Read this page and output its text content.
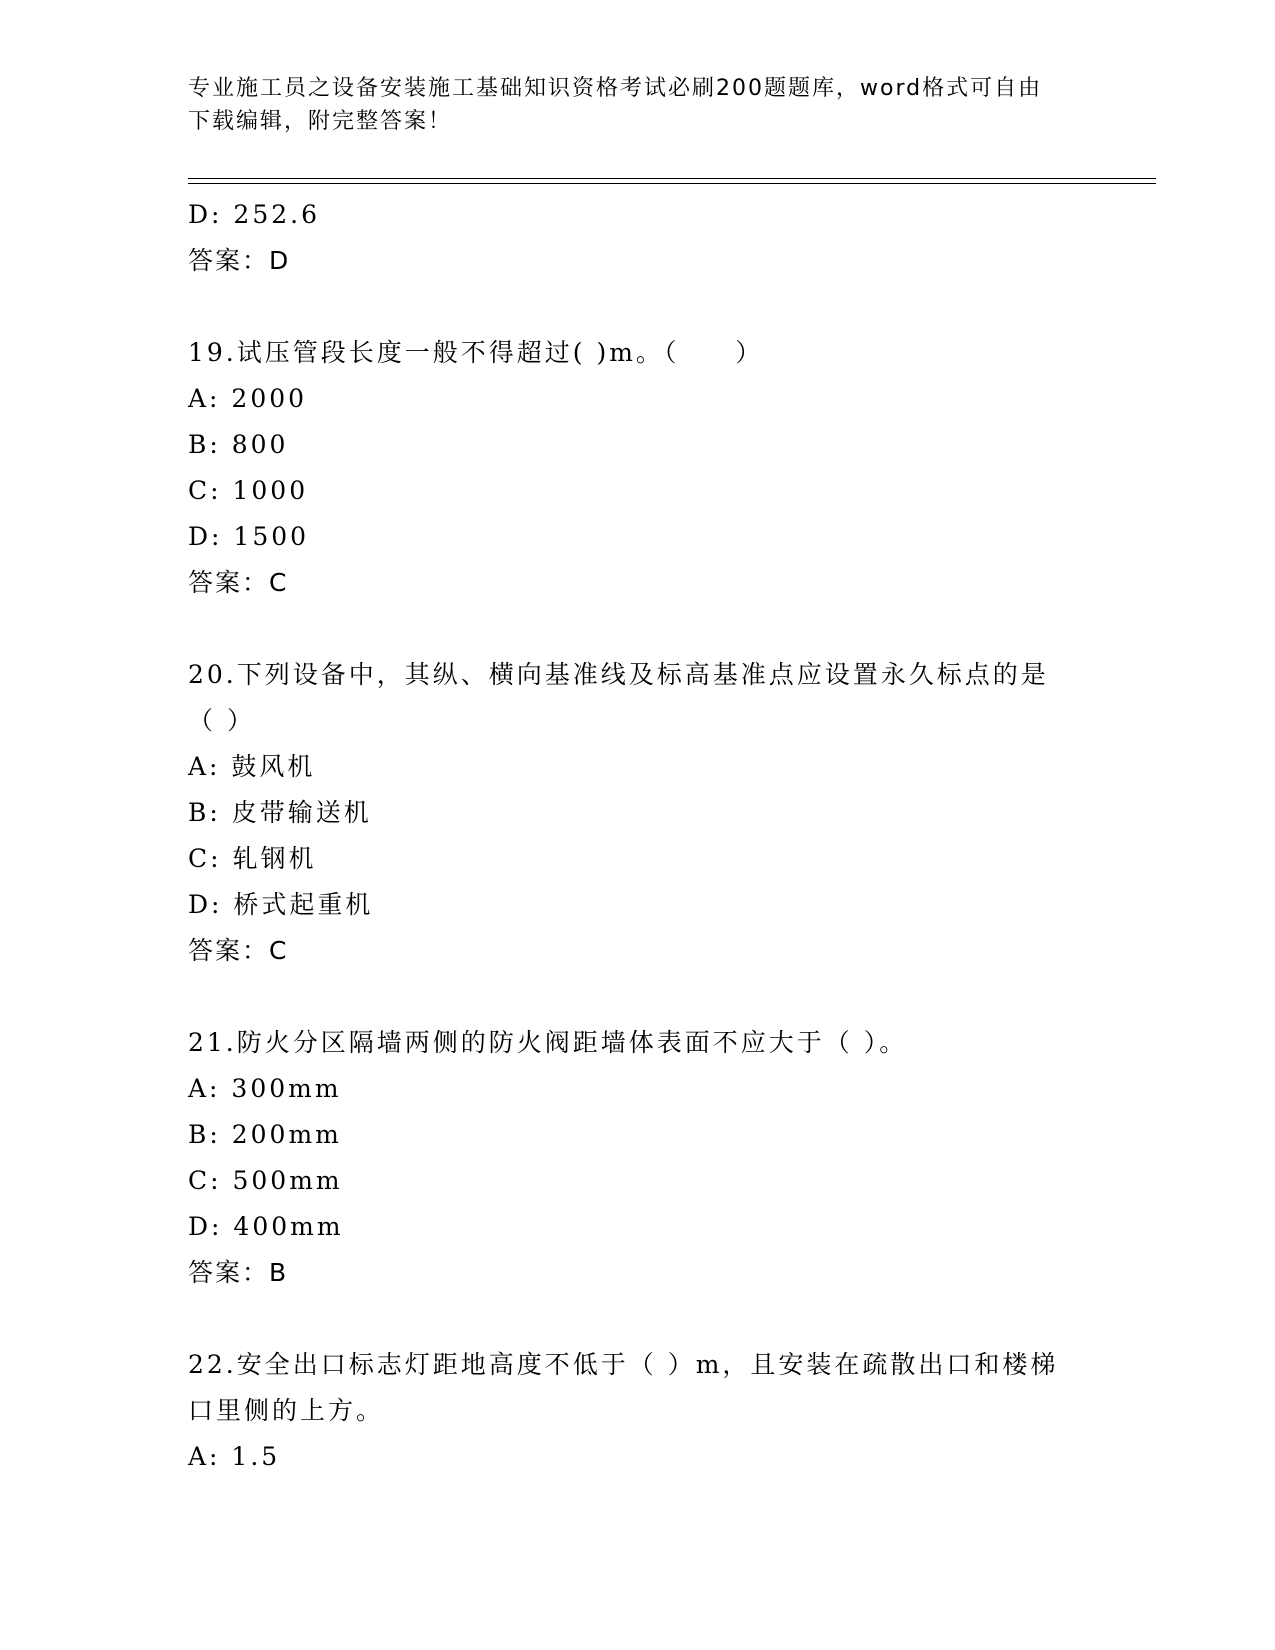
专业施工员之设备安装施工基础知识资格考试必刷200题题库，word格式可自由
下载编辑，附完整答案！
D: 252.6
答案：D
19.试压管段长度一般不得超过( )m。（　　）
A: 2000
B: 800
C: 1000
D: 1500
答案：C
20.下列设备中，其纵、横向基准线及标高基准点应设置永久标点的是
（ ）
A: 鼓风机
B: 皮带输送机
C: 轧钢机
D: 桥式起重机
答案：C
21.防火分区隔墙两侧的防火阀距墙体表面不应大于（ ）。
A: 300mm
B: 200mm
C: 500mm
D: 400mm
答案：B
22.安全出口标志灯距地高度不低于（ ）m，且安装在疏散出口和楼梯
口里侧的上方。
A: 1.5
